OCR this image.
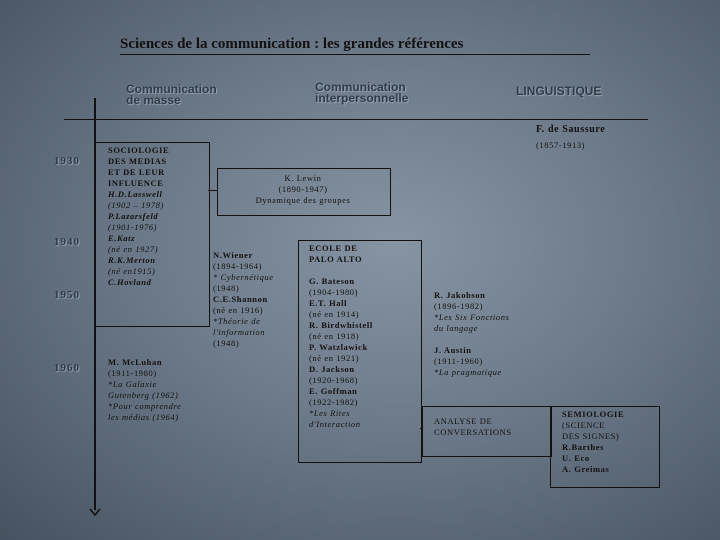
Sciences de la communication : les grandes références
Communication
de masse
Communication
interpersonnelle	LINGUISTIQUE
1930
1940
1950
1960
F. de Saussure
(1857-1913)
SOCIOLOGIE
DES MEDIAS
ET DE LEUR
INFLUENCE
H.D.Lasswell
(1902 – 1978)
P.Lazarsfeld
(1901-1976)
E.Katz
(né en 1927)
R.K.Merton
(né en1915)
C.Hovland
K. Lewin
(1890-1947)
Dynamique des groupes
N.Wiener
(1894-1964)
* Cybernétique
(1948)
C.E.Shannon
(né en 1916)
*Théorie de
l'information
(1948)
ECOLE DE
PALO ALTO

G. Bateson
(1904-1980)
E.T. Hall
(né en 1914)
R. Birdwhistell
(né en 1918)
P. Watzlawick
(né en 1921)
D. Jackson
(1920-1968)
E. Goffman
(1922-1982)
*Les Rites
d'Interaction
R. Jakobson
(1896-1982)
*Les Six Fonctions
du langage

J. Austin
(1911-1960)
*La pragmatique
M. McLuhan
(1911-1980)
*La Galaxie
Gutenberg (1962)
*Pour comprendre
les médias (1964)	ANALYSE DE
CONVERSATIONS
SEMIOLOGIE
(SCIENCE
DES SIGNES)
R.Barthes
U. Eco
A. Greimas
